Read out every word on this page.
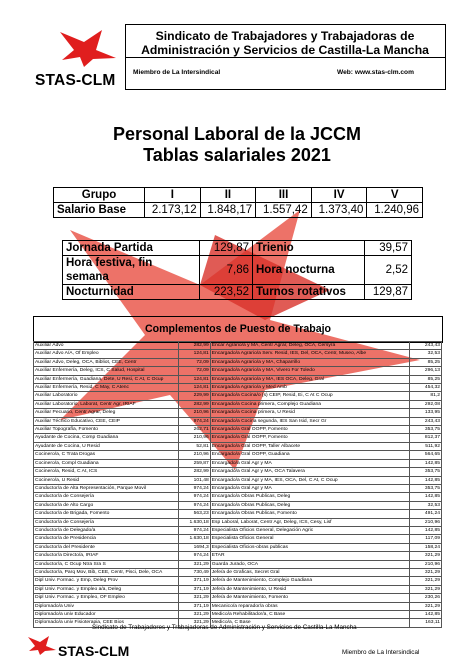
STAS-CLM
Sindicato de Trabajadores y Trabajadoras de
Administración y Servicios de Castilla-La Mancha
Miembro de La Intersindical	Web: www.stas-clm.com
Personal Laboral de la JCCM
Tablas salariales 2021
Grupo	I	II	III	IV	V
Salario Base	2.173,12	1.848,17	1.557,42	1.373,40	1.240,96
Jornada Partida	129,87	Trienio	39,57
Hora festiva, fin semana	7,86	Hora nocturna	2,52
Nocturnidad	223,52	Turnos rotativos	129,87
Complementos de Puesto de Trabajo
Auxiliar Advo	282,99	Encar Agrario/a y MA, Centr Agrar, Deleg, OCA, Cersyra	243,43
Auxiliar Advo A/A, Of Empleo	124,81	Encargado/a Agrario/a Serv. Resid, IES, Del, OCA, Centr, Museo, Albe	32,53
Auxiliar Advo, Deleg, OCA, Bibliot, CEE, Centr	72,09	Encargado/a Agrario/a y MA, Chaparrillo	85,25
Auxiliar Enfermería, Deleg, ICS, C Salud, Hospital	72,09	Encargado/a Agrario/a y MA, Vivero For Toledo	296,13
Auxiliar Enfermería, Guadiana, Dete, U Resi, C At, C Ocup	124,81	Encargado/a Agrario/a y MA, IES OCA, Deleg, Gral	85,25
Auxiliar Enfermería, Resid, C May, C Atenc	124,81	Encargado/a Agrario/a y Med Amb	454,32
Auxiliar Laboratorio	229,99	Encargado/a Cocina/o (s) CEIP, Resid, Ei, C At C Ocup	81,2
Auxiliar Laboratorio, Laborat, Centr Agr, IRIAF	282,99	Encargado/a Cocina primera, Complejo Guadiana	292,08
Auxiliar Pecuario, Centr Agrar, Deleg	210,96	Encargado/a Cocina primera, U Resid	133,95
Auxiliar Técnico Educativo, CEE, CEIP	974,24	Encargado/a Cocina segunda, IES San Isid, Secr Gr	243,43
Auxiliar Topografía, Fomento	262,71	Encargado/a Gral OOPP, Fomento	353,75
Ayudante de Cocina, Comp Guadiana	210,96	Encargado/a Gral OOPP, Fomento	812,37
Ayudante de Cocina, U Resid	52,81	Encargado/a Gral OOPP, Taller Albacete	511,92
Cocinero/a, C Trata Drogas	210,96	Encargado/a Gral OOPP, Guadiana	564,65
Cocinero/a, Compl Guadiana	259,87	Encargado/a Gral Agr y MA	142,85
Cocinero/a, Resid, C At, ICS	282,99	Encargado/a Gral Agr y MA, OCA Talavera	353,75
Cocinero/a, U Resid	101,48	Encargado/a Gral Agr y MA, IES, OCA, Del, C At, C Ocup	142,85
Conductor/a de Alta Representación, Parque Movil	974,24	Encargado/a Gral Agr y MA	353,75
Conductor/a de Consejería	974,24	Encargado/a Obras Publicas, Deleg	142,85
Conductor/a de Alto Cargo	974,24	Encargado/a Obras Publicas, Deleg	32,53
Conductor/a de Brigada, Fomento	563,23	Encargado/a Obras Publicas, Fomento	491,24
Conductor/a de Consejería	1.630,18	Esp Laboral, Laborat, Centr Agr, Deleg, ICS, Cesy, Lisf	210,96
Conductor/a de Delegado/a	974,24	Especialista Oficios General, Delegación Agric	142,85
Conductor/a de Presidencia	1.630,18	Especialista Oficios General	117,09
Conductor/a del Presidente	1694,3	Especialista Oficios-obras publicas	158,24
Conductor/a Directo/a, IRIAF	974,24	ETAR	321,29
Conductor/a, C Ocup Ntra Sra S	321,29	Guarda Jurado, OCA	210,96
Conductor/a, Parq Mov, Bib, CEE, Centr, Pisci, Dele, OCA	730,49	Jefe/a de Graficas, Secret Gral	321,29
Dipl Univ. Formac. y Emp, Deleg Prov	371,19	Jefe/a de Mantenimiento, Complejo Guadiana	321,29
Dipl Univ. Formac. y Empleo a/a, Deleg	371,19	Jefe/a de Mantenimiento, U Resid	321,29
Dipl Univ. Formac. y Empleo, OF Empleo	321,29	Jefe/a de Mantenimiento, Fomento	230,26
Diplomado/a Univ	371,19	Mecanico/a reparador/a obras	321,29
Diplomado/a univ Educador	321,29	Medico/a Rehabilitador/a, C Base	142,85
Diplomado/a univ Fisioterapia, CEE Bios	321,29	Medico/a, C Base	163,11
Sindicato de Trabajadores y Trabajadoras de Administración y Servicios de Castilla-La Mancha
STAS-CLM	Miembro de La Intersindical
